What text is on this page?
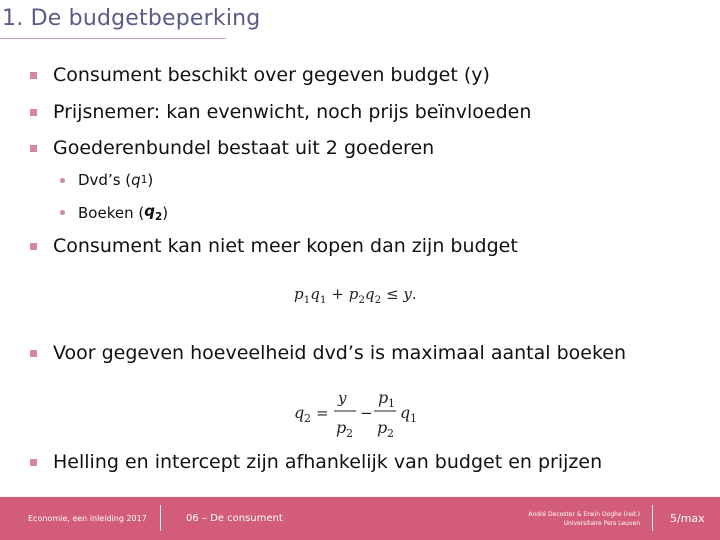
1. De budgetbeperking
Consument beschikt over gegeven budget (y)
Prijsnemer: kan evenwicht, noch prijs beïnvloeden
Goederenbundel bestaat uit 2 goederen
Dvd’s ( q 1 )
Boeken ( $q_2$ )
Consument kan niet meer kopen dan zijn budget
$p_1q_1 + p_2q_2 \le y$.
Voor gegeven hoeveelheid dvd’s is maximaal aantal boeken
q 2 =
y
p 2
−
p 1
p 2
q 1
Helling en intercept zijn afhankelijk van budget en prijzen
Economie, een inleiding 2017	06 – De consument	André Decoster & Erwin Ooghe (red.)
Universitaire Pers Leuven	5/max
